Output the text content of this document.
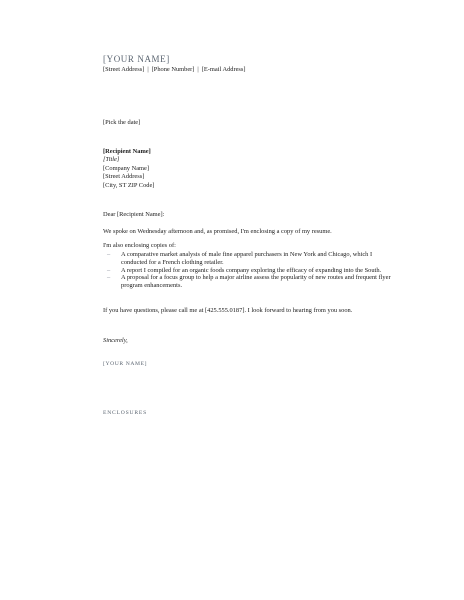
[YOUR NAME]

[Street Address] | [Phone Number] | [E-mail Address]

[Pick the date]

[Recipient Name]
[Title]
[Company Name]
[Street Address]
[City, ST ZIP Code]

Dear [Recipient Name]:

We spoke on Wednesday afternoon and, as promised, I'm enclosing a copy of my resume.

I'm also enclosing copies of:

– A comparative market analysis of male fine apparel purchasers in New York and Chicago, which I conducted for a French clothing retailer.
– A report I compiled for an organic foods company exploring the efficacy of expanding into the South.
– A proposal for a focus group to help a major airline assess the popularity of new routes and frequent flyer program enhancements.

If you have questions, please call me at [425.555.0187]. I look forward to hearing from you soon.

Sincerely,

[YOUR NAME]

ENCLOSURES
